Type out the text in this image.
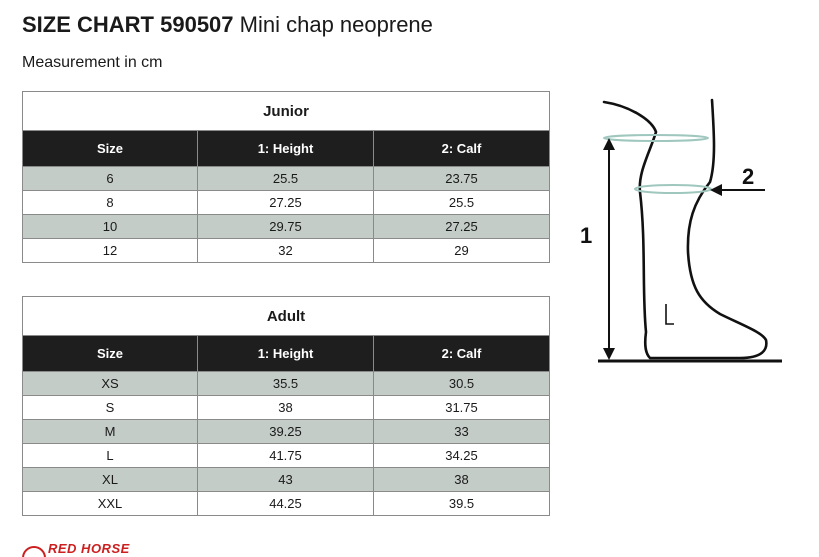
SIZE CHART 590507 Mini chap neoprene
Measurement in cm
Junior		
Size	1: Height	2: Calf
6	25.5	23.75
8	27.25	25.5
10	29.75	27.25
12	32	29
Adult		
Size	1: Height	2: Calf
XS	35.5	30.5
S	38	31.75
M	39.25	33
L	41.75	34.25
XL	43	38
XXL	44.25	39.5
1
2
RED HORSE
